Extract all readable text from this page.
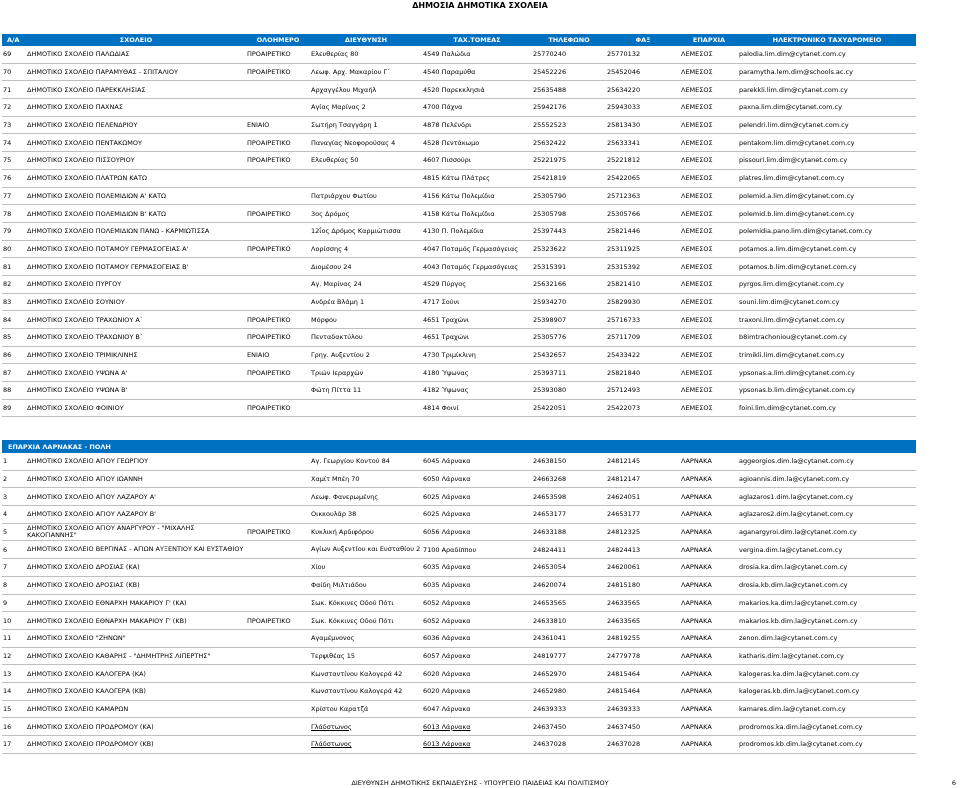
ΔΗΜΟΣΙΑ ΔΗΜΟΤΙΚΑ ΣΧΟΛΕΙΑ
Α/Α	ΣΧΟΛΕΙΟ	ΟΛΟΗΜΕΡΟ	ΔΙΕΥΘΥΝΣΗ	ΤΑΧ.ΤΟΜΕΑΣ	ΤΗΛΕΦΩΝΟ	ΦΑΞ	ΕΠΑΡΧΙΑ	ΗΛΕΚΤΡΟΝΙΚΟ ΤΑΧΥΔΡΟΜΕΙΟ
69	ΔΗΜΟΤΙΚΟ ΣΧΟΛΕΙΟ ΠΑΛΩΔΙΑΣ	ΠΡΟΑΙΡΕΤΙΚΟ	Ελευθερίας 80	4549 Παλώδια	25770240	25770132	ΛΕΜΕΣΟΣ	palodia.lim.dim@cytanet.com.cy
70	ΔΗΜΟΤΙΚΟ ΣΧΟΛΕΙΟ ΠΑΡΑΜΥΘΑΣ - ΣΠΙΤΑΛΙΟΥ	ΠΡΟΑΙΡΕΤΙΚΟ	Λεωφ. Αρχ. Μακαρίου Γ΄	4540 Παραμύθα	25452226	25452046	ΛΕΜΕΣΟΣ	paramytha.lem.dim@schools.ac.cy
71	ΔΗΜΟΤΙΚΟ ΣΧΟΛΕΙΟ ΠΑΡΕΚΚΛΗΣΙΑΣ		Αρχαγγέλου Μιχαήλ	4520 Παρεκκλησιά	25635488	25634220	ΛΕΜΕΣΟΣ	parekkli.lim.dim@cytanet.com.cy
72	ΔΗΜΟΤΙΚΟ ΣΧΟΛΕΙΟ ΠΑΧΝΑΣ		Αγίας Μαρίνας 2	4700 Πάχνα	25942176	25943033	ΛΕΜΕΣΟΣ	paxna.lim.dim@cytanet.com.cy
73	ΔΗΜΟΤΙΚΟ ΣΧΟΛΕΙΟ ΠΕΛΕΝΔΡΙΟΥ	ΕΝΙΑΙΟ	Σωτήρη Τσαγγάρη 1	4878 Πελένδρι	25552523	25813430	ΛΕΜΕΣΟΣ	pelendri.lim.dim@cytanet.com.cy
74	ΔΗΜΟΤΙΚΟ ΣΧΟΛΕΙΟ ΠΕΝΤΑΚΩΜΟΥ	ΠΡΟΑΙΡΕΤΙΚΟ	Παναγίας Νεοφορούσας 4	4528 Πεντάκωμο	25632422	25633341	ΛΕΜΕΣΟΣ	pentakom.lim.dim@cytanet.com.cy
75	ΔΗΜΟΤΙΚΟ ΣΧΟΛΕΙΟ ΠΙΣΣΟΥΡΙΟΥ	ΠΡΟΑΙΡΕΤΙΚΟ	Ελευθερίας 50	4607 Πισσούρι	25221975	25221812	ΛΕΜΕΣΟΣ	pissouri.lim.dim@cytanet.com.cy
76	ΔΗΜΟΤΙΚΟ ΣΧΟΛΕΙΟ ΠΛΑΤΡΩΝ ΚΑΤΩ			4815 Κάτω Πλάτρες	25421819	25422065	ΛΕΜΕΣΟΣ	platres.lim.dim@cytanet.com.cy
77	ΔΗΜΟΤΙΚΟ ΣΧΟΛΕΙΟ ΠΟΛΕΜΙΔΙΩΝ Α' ΚΑΤΩ		Πατριάρχου Φωτίου	4156 Κάτω Πολεμίδια	25305790	25712363	ΛΕΜΕΣΟΣ	polemid.a.lim.dim@cytanet.com.cy
78	ΔΗΜΟΤΙΚΟ ΣΧΟΛΕΙΟ ΠΟΛΕΜΙΔΙΩΝ Β' ΚΑΤΩ	ΠΡΟΑΙΡΕΤΙΚΟ	3ος Δρόμος	4158 Κάτω Πολεμίδια	25305798	25305766	ΛΕΜΕΣΟΣ	polemid.b.lim.dim@cytanet.com.cy
79	ΔΗΜΟΤΙΚΟ ΣΧΟΛΕΙΟ ΠΟΛΕΜΙΔΙΩΝ ΠΑΝΩ - ΚΑΡΜΙΩΤΙΣΣΑ		12ΐος Δρόμος Καρμιώτισσα	4130 Π. Πολεμίδια	25397443	25821446	ΛΕΜΕΣΟΣ	polemidia.pano.lim.dim@cytanet.com.cy
80	ΔΗΜΟΤΙΚΟ ΣΧΟΛΕΙΟ ΠΟΤΑΜΟΥ ΓΕΡΜΑΣΟΓΕΙΑΣ Α'	ΠΡΟΑΙΡΕΤΙΚΟ	Λορίσσης 4	4047 Ποταμός Γερμασόγειας	25323622	25311925	ΛΕΜΕΣΟΣ	potamos.a.lim.dim@cytanet.com.cy
81	ΔΗΜΟΤΙΚΟ ΣΧΟΛΕΙΟ ΠΟΤΑΜΟΥ ΓΕΡΜΑΣΟΓΕΙΑΣ Β'		Διομέσου 24	4043 Ποταμός Γερμασόγειας	25315391	25315392	ΛΕΜΕΣΟΣ	potamos.b.lim.dim@cytanet.com.cy
82	ΔΗΜΟΤΙΚΟ ΣΧΟΛΕΙΟ ΠΥΡΓΟΥ		Αγ. Μαρίνας 24	4529 Πύργος	25632166	25821410	ΛΕΜΕΣΟΣ	pyrgos.lim.dim@cytanet.com.cy
83	ΔΗΜΟΤΙΚΟ ΣΧΟΛΕΙΟ ΣΟΥΝΙΟΥ		Ανδρέα Βλάμη 1	4717 Σούνι	25934270	25829930	ΛΕΜΕΣΟΣ	souni.lim.dim@cytanet.com.cy
84	ΔΗΜΟΤΙΚΟ ΣΧΟΛΕΙΟ ΤΡΑΧΩΝΙΟΥ Α`	ΠΡΟΑΙΡΕΤΙΚΟ	Μόρφου	4651 Τραχώνι	25398907	25716733	ΛΕΜΕΣΟΣ	traxoni.lim.dim@cytanet.com.cy
85	ΔΗΜΟΤΙΚΟ ΣΧΟΛΕΙΟ ΤΡΑΧΩΝΙΟΥ Β`	ΠΡΟΑΙΡΕΤΙΚΟ	Πενταδακτύλου	4651 Τραχώνι	25305776	25711709	ΛΕΜΕΣΟΣ	b8imtrachoniou@cytanet.com.cy
86	ΔΗΜΟΤΙΚΟ ΣΧΟΛΕΙΟ ΤΡΙΜΙΚΛΙΝΗΣ	ΕΝΙΑΙΟ	Γρηγ. Αυξεντίου 2	4730 Τριμίκλινη	25432657	25433422	ΛΕΜΕΣΟΣ	trimikli.lim.dim@cytanet.com.cy
87	ΔΗΜΟΤΙΚΟ ΣΧΟΛΕΙΟ ΥΨΩΝΑ Α'	ΠΡΟΑΙΡΕΤΙΚΟ	Τριών Ιεραρχών	4180 Ύψωνας	25393711	25821840	ΛΕΜΕΣΟΣ	ypsonas.a.lim.dim@cytanet.com.cy
88	ΔΗΜΟΤΙΚΟ ΣΧΟΛΕΙΟ ΥΨΩΝΑ Β'		Φώτη Πίττα 11	4182 Ύψωνας	25393080	25712493	ΛΕΜΕΣΟΣ	ypsonas.b.lim.dim@cytanet.com.cy
89	ΔΗΜΟΤΙΚΟ ΣΧΟΛΕΙΟ ΦΟΙΝΙΟΥ	ΠΡΟΑΙΡΕΤΙΚΟ		4814 Φοινί	25422051	25422073	ΛΕΜΕΣΟΣ	foini.lim.dim@cytanet.com.cy
ΕΠΑΡΧΙΑ ΛΑΡΝΑΚΑΣ - ΠΟΛΗ								
1	ΔΗΜΟΤΙΚΟ ΣΧΟΛΕΙΟ ΑΓΙΟΥ ΓΕΩΡΓΙΟΥ		Αγ. Γεωργίου Κοντού 84	6045 Λάρνακα	24638150	24812145	ΛΑΡΝΑΚΑ	aggeorgios.dim.la@cytanet.com.cy
2	ΔΗΜΟΤΙΚΟ ΣΧΟΛΕΙΟ ΑΓΙΟΥ ΙΩΑΝΝΗ		Χαμίτ Μπέη 70	6050 Λάρνακα	24663268	24812147	ΛΑΡΝΑΚΑ	agioannis.dim.la@cytanet.com.cy
3	ΔΗΜΟΤΙΚΟ ΣΧΟΛΕΙΟ ΑΓΙΟΥ ΛΑΖΑΡΟΥ Α'		Λεωφ. Φανερωμένης	6025 Λάρνακα	24653598	24624051	ΛΑΡΝΑΚΑ	aglazaros1.dim.la@cytanet.com.cy
4	ΔΗΜΟΤΙΚΟ ΣΧΟΛΕΙΟ ΑΓΙΟΥ ΛΑΖΑΡΟΥ Β'		Οικκουλάρ 38	6025 Λάρνακα	24653177	24653177	ΛΑΡΝΑΚΑ	aglazaros2.dim.la@cytanet.com.cy
5	ΔΗΜΟΤΙΚΟ ΣΧΟΛΕΙΟ ΑΓΙΟΥ ΑΝΑΡΓΥΡΟΥ - "ΜΙΧΑΛΗΣ ΚΑΚΟΓΙΑΝΝΗΣ"	ΠΡΟΑΙΡΕΤΙΚΟ	Κυκλική Αρδιφόρου	6056 Λάρνακα	24633188	24812325	ΛΑΡΝΑΚΑ	aganargyroi.dim.la@cytanet.com.cy
6	ΔΗΜΟΤΙΚΟ ΣΧΟΛΕΙΟ ΒΕΡΓΙΝΑΣ - ΑΓΙΩΝ ΑΥΞΕΝΤΙΟΥ ΚΑΙ ΕΥΣΤΑΘΙΟΥ		Αγίων Αυξεντίου και Ευσταθίου 2	7100 Αραδίππου	24824411	24824413	ΛΑΡΝΑΚΑ	vergina.dim.la@cytanet.com.cy
7	ΔΗΜΟΤΙΚΟ ΣΧΟΛΕΙΟ ΔΡΟΣΙΑΣ (ΚΑ)		Χίου	6035 Λάρνακα	24653054	24620061	ΛΑΡΝΑΚΑ	drosia.ka.dim.la@cytanet.com.cy
8	ΔΗΜΟΤΙΚΟ ΣΧΟΛΕΙΟ ΔΡΟΣΙΑΣ (ΚΒ)		Φαίδη Μιλτιάδου	6035 Λάρνακα	24620074	24815180	ΛΑΡΝΑΚΑ	drosia.kb.dim.la@cytanet.com.cy
9	ΔΗΜΟΤΙΚΟ ΣΧΟΛΕΙΟ ΕΘΝΑΡΧΗ ΜΑΚΑΡΙΟΥ Γ' (ΚΑ)		Σωκ. Κόκκινες Οδού Πότι	6052 Λάρνακα	24653565	24633565	ΛΑΡΝΑΚΑ	makarios.ka.dim.la@cytanet.com.cy
10	ΔΗΜΟΤΙΚΟ ΣΧΟΛΕΙΟ ΕΘΝΑΡΧΗ ΜΑΚΑΡΙΟΥ Γ' (ΚΒ)	ΠΡΟΑΙΡΕΤΙΚΟ	Σωκ. Κόκκινες Οδού Πότι	6052 Λάρνακα	24633810	24633565	ΛΑΡΝΑΚΑ	makarios.kb.dim.la@cytanet.com.cy
11	ΔΗΜΟΤΙΚΟ ΣΧΟΛΕΙΟ "ΖΗΝΩΝ"		Αγαμέμνονος	6036 Λάρνακα	24361041	24819255	ΛΑΡΝΑΚΑ	zenon.dim.la@cytanet.com.cy
12	ΔΗΜΟΤΙΚΟ ΣΧΟΛΕΙΟ ΚΑΘΑΡΗΣ - "ΔΗΜΗΤΡΗΣ ΛΙΠΕΡΤΗΣ"		Τερψιθέας 15	6057 Λάρνακα	24819777	24779778	ΛΑΡΝΑΚΑ	katharis.dim.la@cytanet.com.cy
13	ΔΗΜΟΤΙΚΟ ΣΧΟΛΕΙΟ ΚΑΛΟΓΕΡΑ (ΚΑ)		Κωνσταντίνου Καλογερά 42	6020 Λάρνακα	24652970	24815464	ΛΑΡΝΑΚΑ	kalogeras.ka.dim.la@cytanet.com.cy
14	ΔΗΜΟΤΙΚΟ ΣΧΟΛΕΙΟ ΚΑΛΟΓΕΡΑ (ΚΒ)		Κωνσταντίνου Καλογερά 42	6020 Λάρνακα	24652980	24815464	ΛΑΡΝΑΚΑ	kalogeras.kb.dim.la@cytanet.com.cy
15	ΔΗΜΟΤΙΚΟ ΣΧΟΛΕΙΟ ΚΑΜΑΡΩΝ		Χρίστου Καρατζά	6047 Λάρνακα	24639333	24639333	ΛΑΡΝΑΚΑ	kamares.dim.la@cytanet.com.cy
16	ΔΗΜΟΤΙΚΟ ΣΧΟΛΕΙΟ ΠΡΟΔΡΟΜΟΥ (ΚΑ)		Γλάδστωνος	6013 Λάρνακα	24637450	24637450	ΛΑΡΝΑΚΑ	prodromos.ka.dim.la@cytanet.com.cy
17	ΔΗΜΟΤΙΚΟ ΣΧΟΛΕΙΟ ΠΡΟΔΡΟΜΟΥ (ΚΒ)		Γλάδστωνος	6013 Λάρνακα	24637028	24637028	ΛΑΡΝΑΚΑ	prodromos.kb.dim.la@cytanet.com.cy
ΔΙΕΥΘΥΝΣΗ ΔΗΜΟΤΙΚΗΣ ΕΚΠΑΙΔΕΥΣΗΣ - ΥΠΟΥΡΓΕΙΟ ΠΑΙΔΕΙΑΣ ΚΑΙ ΠΟΛΙΤΙΣΜΟΥ	6
